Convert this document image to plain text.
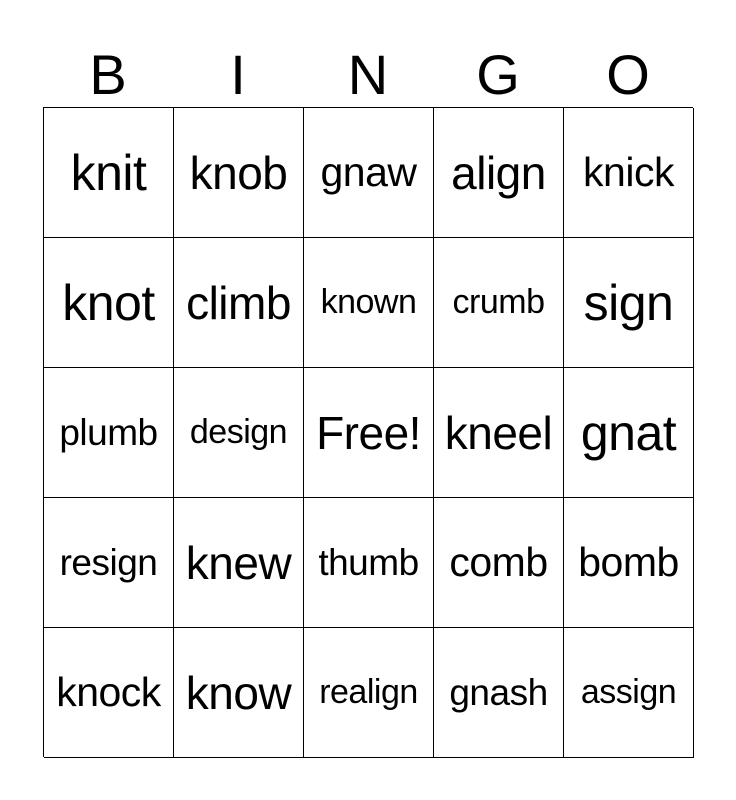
B	I	N	G	O
knit knob gnaw align knick
knot climb known	crumb sign
plumb design Free! kneel gnat
resign knew thumb comb bomb
knock know realign gnash assign
